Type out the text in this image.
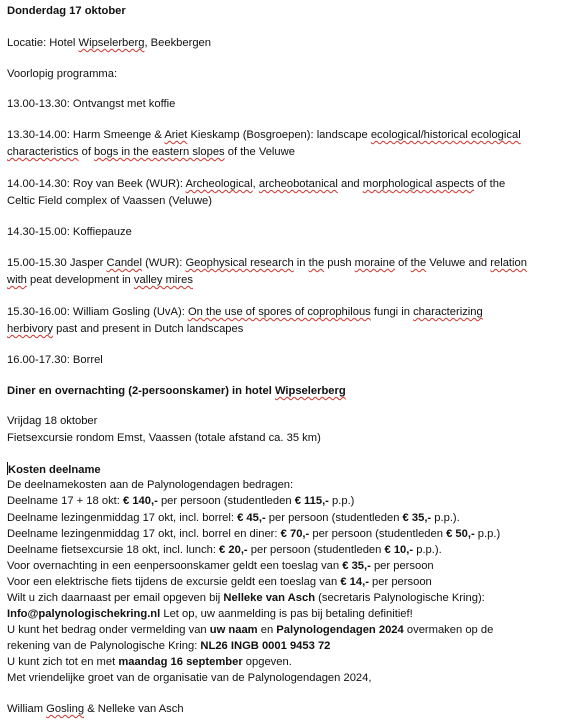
Donderdag 17 oktober
Locatie: Hotel Wipselerberg, Beekbergen
Voorlopig programma:
13.00-13.30: Ontvangst met koffie
13.30-14.00: Harm Smeenge & Ariet Kieskamp (Bosgroepen): landscape ecological/historical ecological
characteristics of bogs in the eastern slopes of the Veluwe
14.00-14.30: Roy van Beek (WUR): Archeological, archeobotanical and morphological aspects of the
Celtic Field complex of Vaassen (Veluwe)
14.30-15.00: Koffiepauze
15.00-15.30 Jasper Candel (WUR): Geophysical research in the push moraine of the Veluwe and relation
with peat development in valley mires
15.30-16.00: William Gosling (UvA): On the use of spores of coprophilous fungi in characterizing
herbivory past and present in Dutch landscapes
16.00-17.30: Borrel
Diner en overnachting (2-persoonskamer) in hotel Wipselerberg
Vrijdag 18 oktober
Fietsexcursie rondom Emst, Vaassen (totale afstand ca. 35 km)
Kosten deelname
De deelnamekosten aan de Palynologendagen bedragen:
Deelname 17 + 18 okt: € 140,- per persoon (studentleden € 115,- p.p.)
Deelname lezingenmiddag 17 okt, incl. borrel: € 45,- per persoon (studentleden € 35,- p.p.).
Deelname lezingenmiddag 17 okt, incl. borrel en diner: € 70,- per persoon (studentleden € 50,- p.p.)
Deelname fietsexcursie 18 okt, incl. lunch: € 20,- per persoon (studentleden € 10,- p.p.).
Voor overnachting in een eenpersoonskamer geldt een toeslag van € 35,- per persoon
Voor een elektrische fiets tijdens de excursie geldt een toeslag van € 14,- per persoon
Wilt u zich daarnaast per email opgeven bij Nelleke van Asch (secretaris Palynologische Kring):
Info@palynologischekring.nl Let op, uw aanmelding is pas bij betaling definitief!
U kunt het bedrag onder vermelding van uw naam en Palynologendagen 2024 overmaken op de
rekening van de Palynologische Kring: NL26 INGB 0001 9453 72
U kunt zich tot en met maandag 16 september opgeven.
Met vriendelijke groet van de organisatie van de Palynologendagen 2024,
William Gosling & Nelleke van Asch
